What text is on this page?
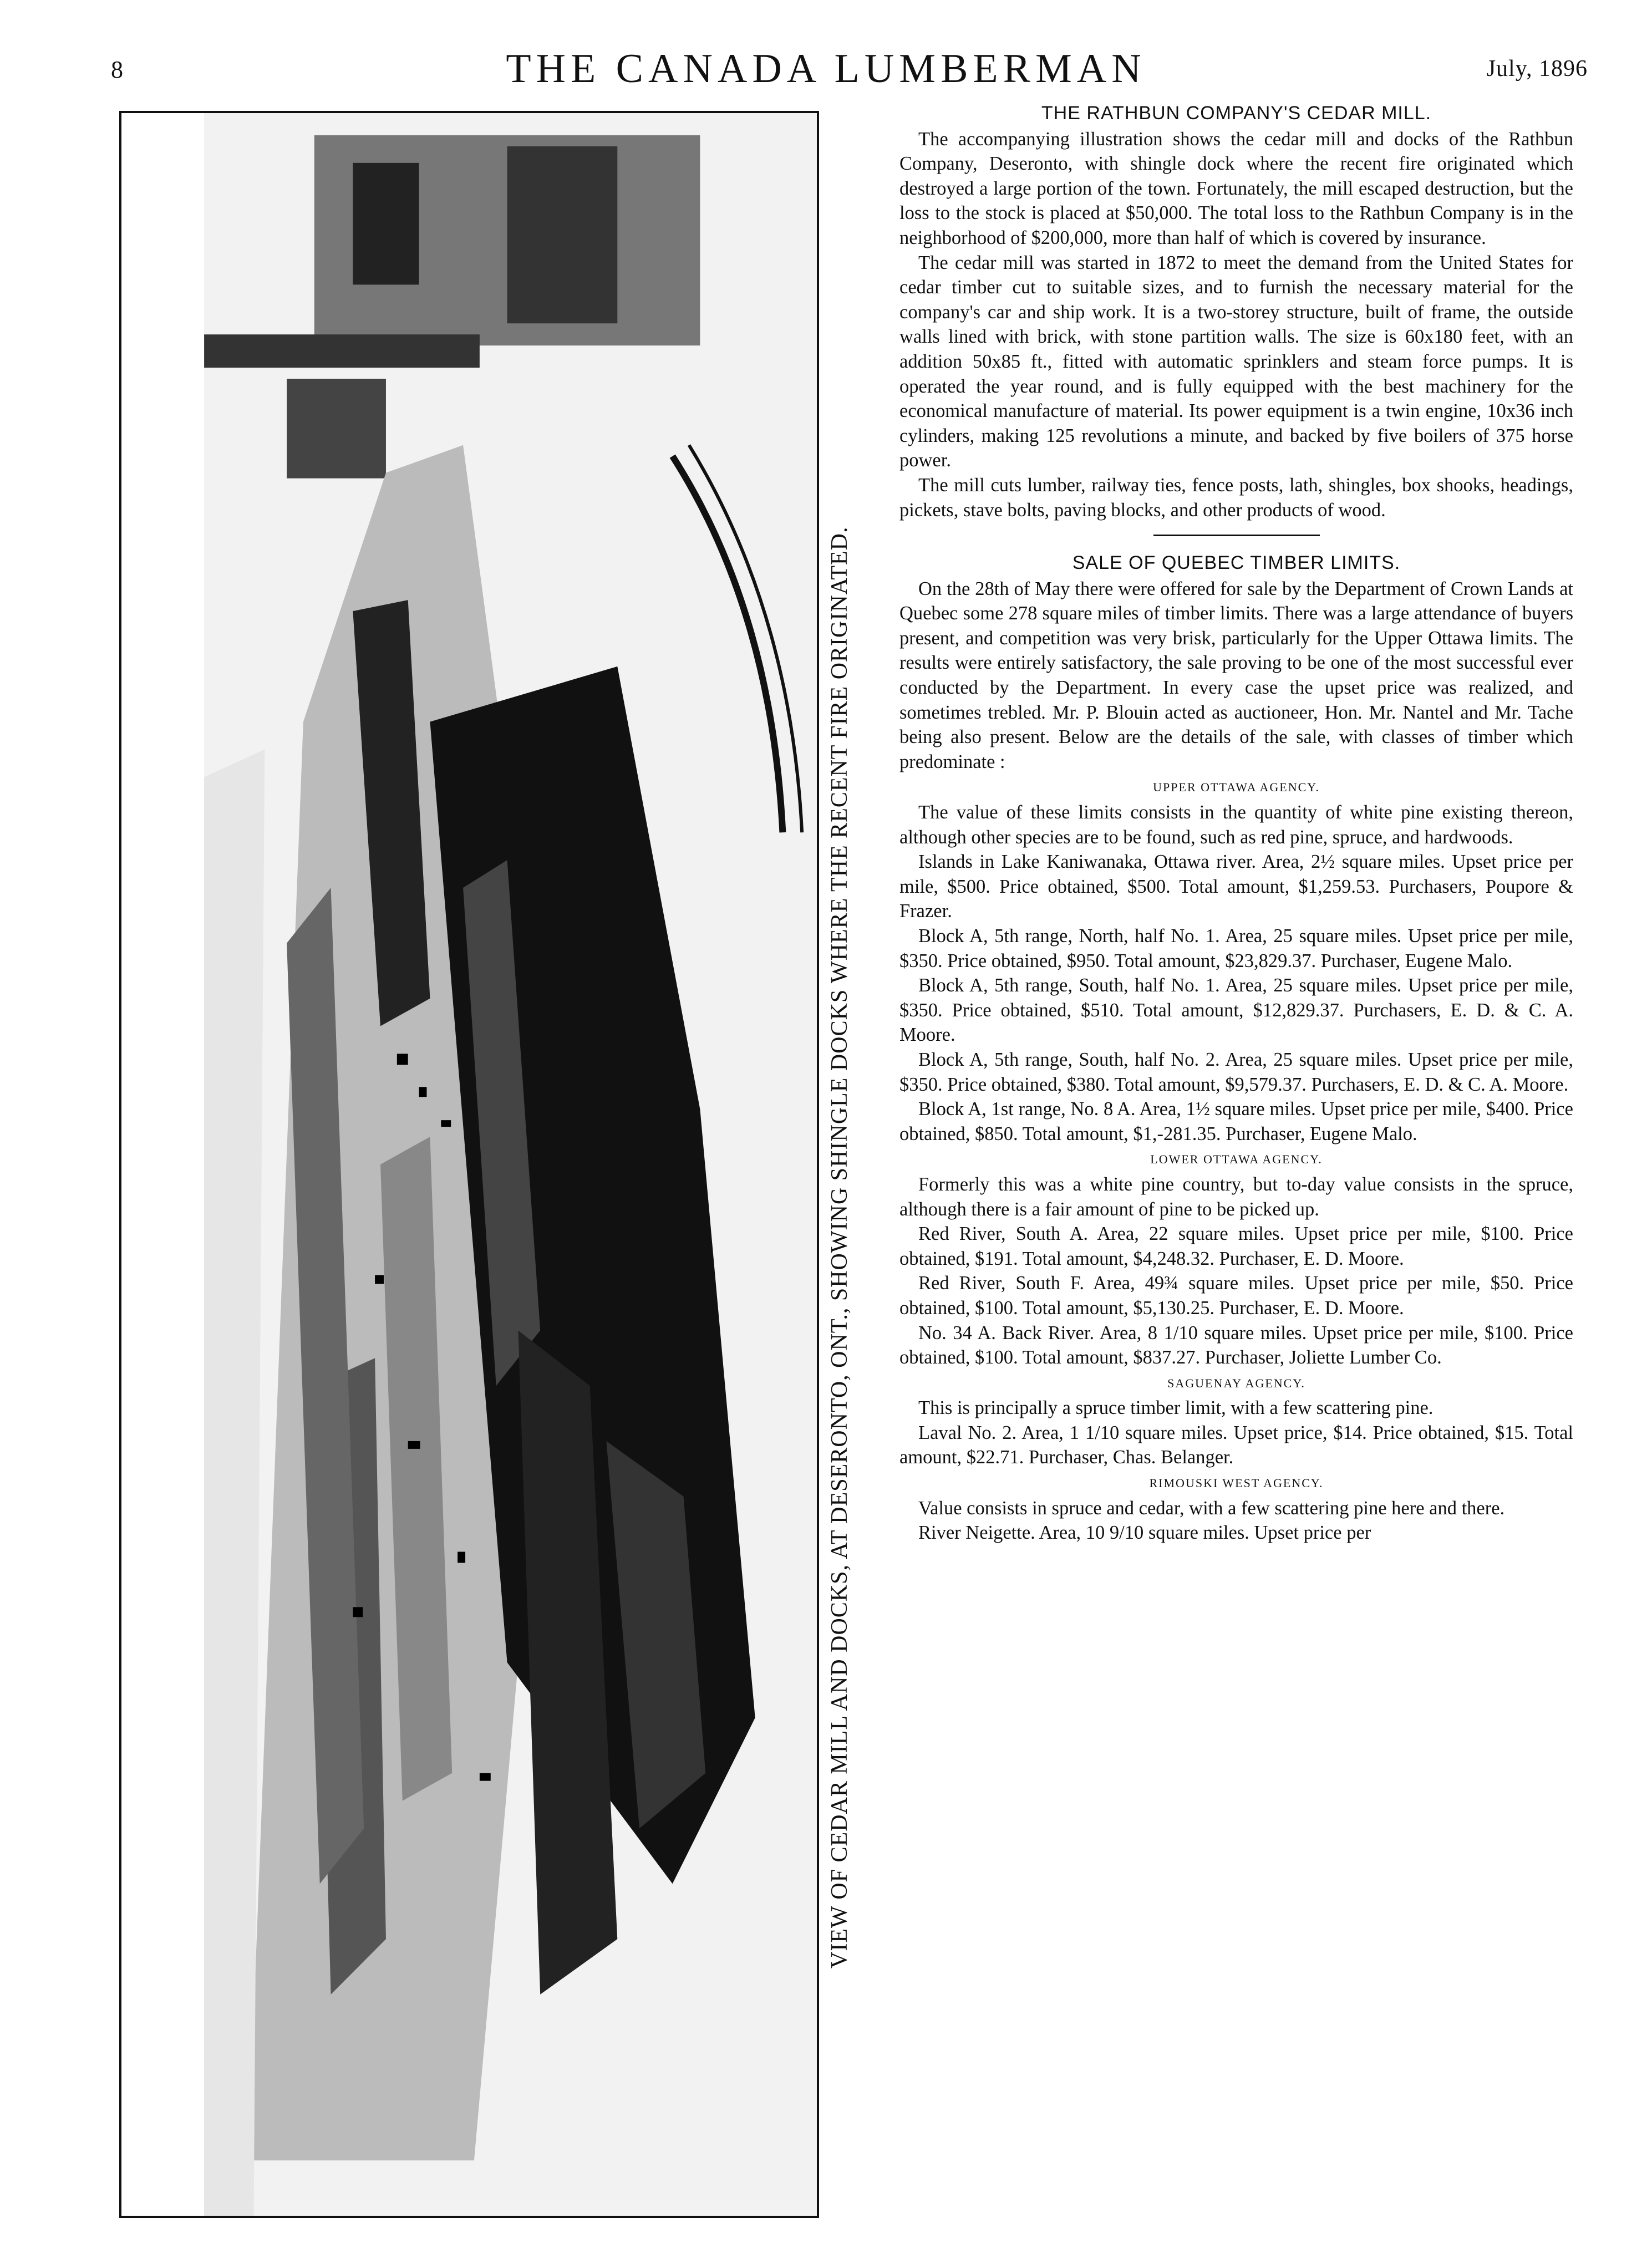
8	THE CANADA LUMBERMAN	July, 1896

VIEW OF CEDAR MILL AND DOCKS, AT DESERONTO, ONT., SHOWING SHINGLE DOCKS WHERE THE RECENT FIRE ORIGINATED.

THE RATHBUN COMPANY'S CEDAR MILL.

The accompanying illustration shows the cedar mill and docks of the Rathbun Company, Deseronto, with shingle dock where the recent fire originated which destroyed a large portion of the town. Fortunately, the mill escaped destruction, but the loss to the stock is placed at $50,000. The total loss to the Rathbun Company is in the neighborhood of $200,000, more than half of which is covered by insurance.

The cedar mill was started in 1872 to meet the demand from the United States for cedar timber cut to suitable sizes, and to furnish the necessary material for the company's car and ship work. It is a two-storey structure, built of frame, the outside walls lined with brick, with stone partition walls. The size is 60x180 feet, with an addition 50x85 ft., fitted with automatic sprinklers and steam force pumps. It is operated the year round, and is fully equipped with the best machinery for the economical manufacture of material. Its power equipment is a twin engine, 10x36 inch cylinders, making 125 revolutions a minute, and backed by five boilers of 375 horse power.

The mill cuts lumber, railway ties, fence posts, lath, shingles, box shooks, headings, pickets, stave bolts, paving blocks, and other products of wood.

SALE OF QUEBEC TIMBER LIMITS.

On the 28th of May there were offered for sale by the Department of Crown Lands at Quebec some 278 square miles of timber limits. There was a large attendance of buyers present, and competition was very brisk, particularly for the Upper Ottawa limits. The results were entirely satisfactory, the sale proving to be one of the most successful ever conducted by the Department. In every case the upset price was realized, and sometimes trebled. Mr. P. Blouin acted as auctioneer, Hon. Mr. Nantel and Mr. Tache being also present. Below are the details of the sale, with classes of timber which predominate :

UPPER OTTAWA AGENCY.

The value of these limits consists in the quantity of white pine existing thereon, although other species are to be found, such as red pine, spruce, and hardwoods.

Islands in Lake Kaniwanaka, Ottawa river. Area, 2½ square miles. Upset price per mile, $500. Price obtained, $500. Total amount, $1,259.53. Purchasers, Poupore & Frazer.

Block A, 5th range, North, half No. 1. Area, 25 square miles. Upset price per mile, $350. Price obtained, $950. Total amount, $23,829.37. Purchaser, Eugene Malo.

Block A, 5th range, South, half No. 1. Area, 25 square miles. Upset price per mile, $350. Price obtained, $510. Total amount, $12,829.37. Purchasers, E. D. & C. A. Moore.

Block A, 5th range, South, half No. 2. Area, 25 square miles. Upset price per mile, $350. Price obtained, $380. Total amount, $9,579.37. Purchasers, E. D. & C. A. Moore.

Block A, 1st range, No. 8 A. Area, 1½ square miles. Upset price per mile, $400. Price obtained, $850. Total amount, $1,-281.35. Purchaser, Eugene Malo.

LOWER OTTAWA AGENCY.

Formerly this was a white pine country, but to-day value consists in the spruce, although there is a fair amount of pine to be picked up.

Red River, South A. Area, 22 square miles. Upset price per mile, $100. Price obtained, $191. Total amount, $4,248.32. Purchaser, E. D. Moore.

Red River, South F. Area, 49¾ square miles. Upset price per mile, $50. Price obtained, $100. Total amount, $5,130.25. Purchaser, E. D. Moore.

No. 34 A. Back River. Area, 8 1/10 square miles. Upset price per mile, $100. Price obtained, $100. Total amount, $837.27. Purchaser, Joliette Lumber Co.

SAGUENAY AGENCY.

This is principally a spruce timber limit, with a few scattering pine.

Laval No. 2. Area, 1 1/10 square miles. Upset price, $14. Price obtained, $15. Total amount, $22.71. Purchaser, Chas. Belanger.

RIMOUSKI WEST AGENCY.

Value consists in spruce and cedar, with a few scattering pine here and there.

River Neigette. Area, 10 9/10 square miles. Upset price per
